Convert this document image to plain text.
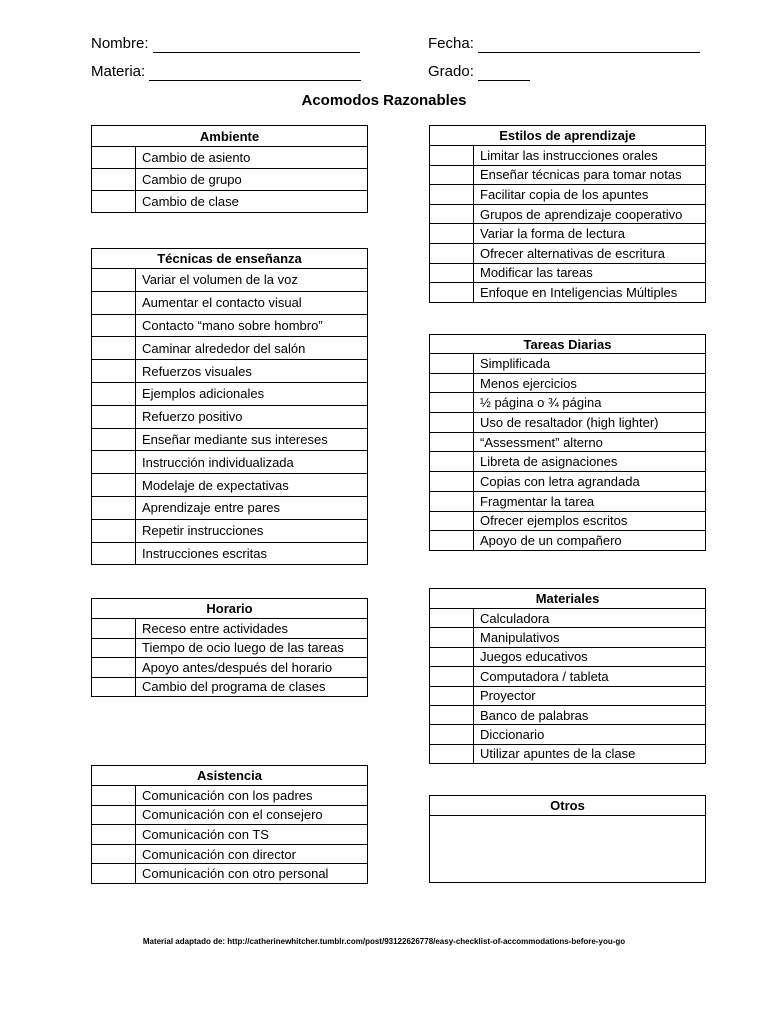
Nombre:	Fecha:
Materia:	Grado:
Acomodos Razonables
Ambiente	
	Cambio de asiento
	Cambio de grupo
	Cambio de clase
Técnicas de enseñanza	
	Variar el volumen de la voz
	Aumentar el contacto visual
	Contacto “mano sobre hombro”
	Caminar alrededor del salón
	Refuerzos visuales
	Ejemplos adicionales
	Refuerzo positivo
	Enseñar mediante sus intereses
	Instrucción individualizada
	Modelaje de expectativas
	Aprendizaje entre pares
	Repetir instrucciones
	Instrucciones escritas
Horario	
	Receso entre actividades
	Tiempo de ocio luego de las tareas
	Apoyo antes/después del horario
	Cambio del programa de clases
Asistencia	
	Comunicación con los padres
	Comunicación con el consejero
	Comunicación con TS
	Comunicación con director
	Comunicación con otro personal
Estilos de aprendizaje	
	Limitar las instrucciones orales
	Enseñar técnicas para tomar notas
	Facilitar copia de los apuntes
	Grupos de aprendizaje cooperativo
	Variar la forma de lectura
	Ofrecer alternativas de escritura
	Modificar las tareas
	Enfoque en Inteligencias Múltiples
Tareas Diarias	
	Simplificada
	Menos ejercicios
	½ página o ¾ página
	Uso de resaltador (high lighter)
	“Assessment” alterno
	Libreta de asignaciones
	Copias con letra agrandada
	Fragmentar la tarea
	Ofrecer ejemplos escritos
	Apoyo de un compañero
Materiales	
	Calculadora
	Manipulativos
	Juegos educativos
	Computadora / tableta
	Proyector
	Banco de palabras
	Diccionario
	Utilizar apuntes de la clase
Otros

Material adaptado de: http://catherinewhitcher.tumblr.com/post/93122626778/easy-checklist-of-accommodations-before-you-go
